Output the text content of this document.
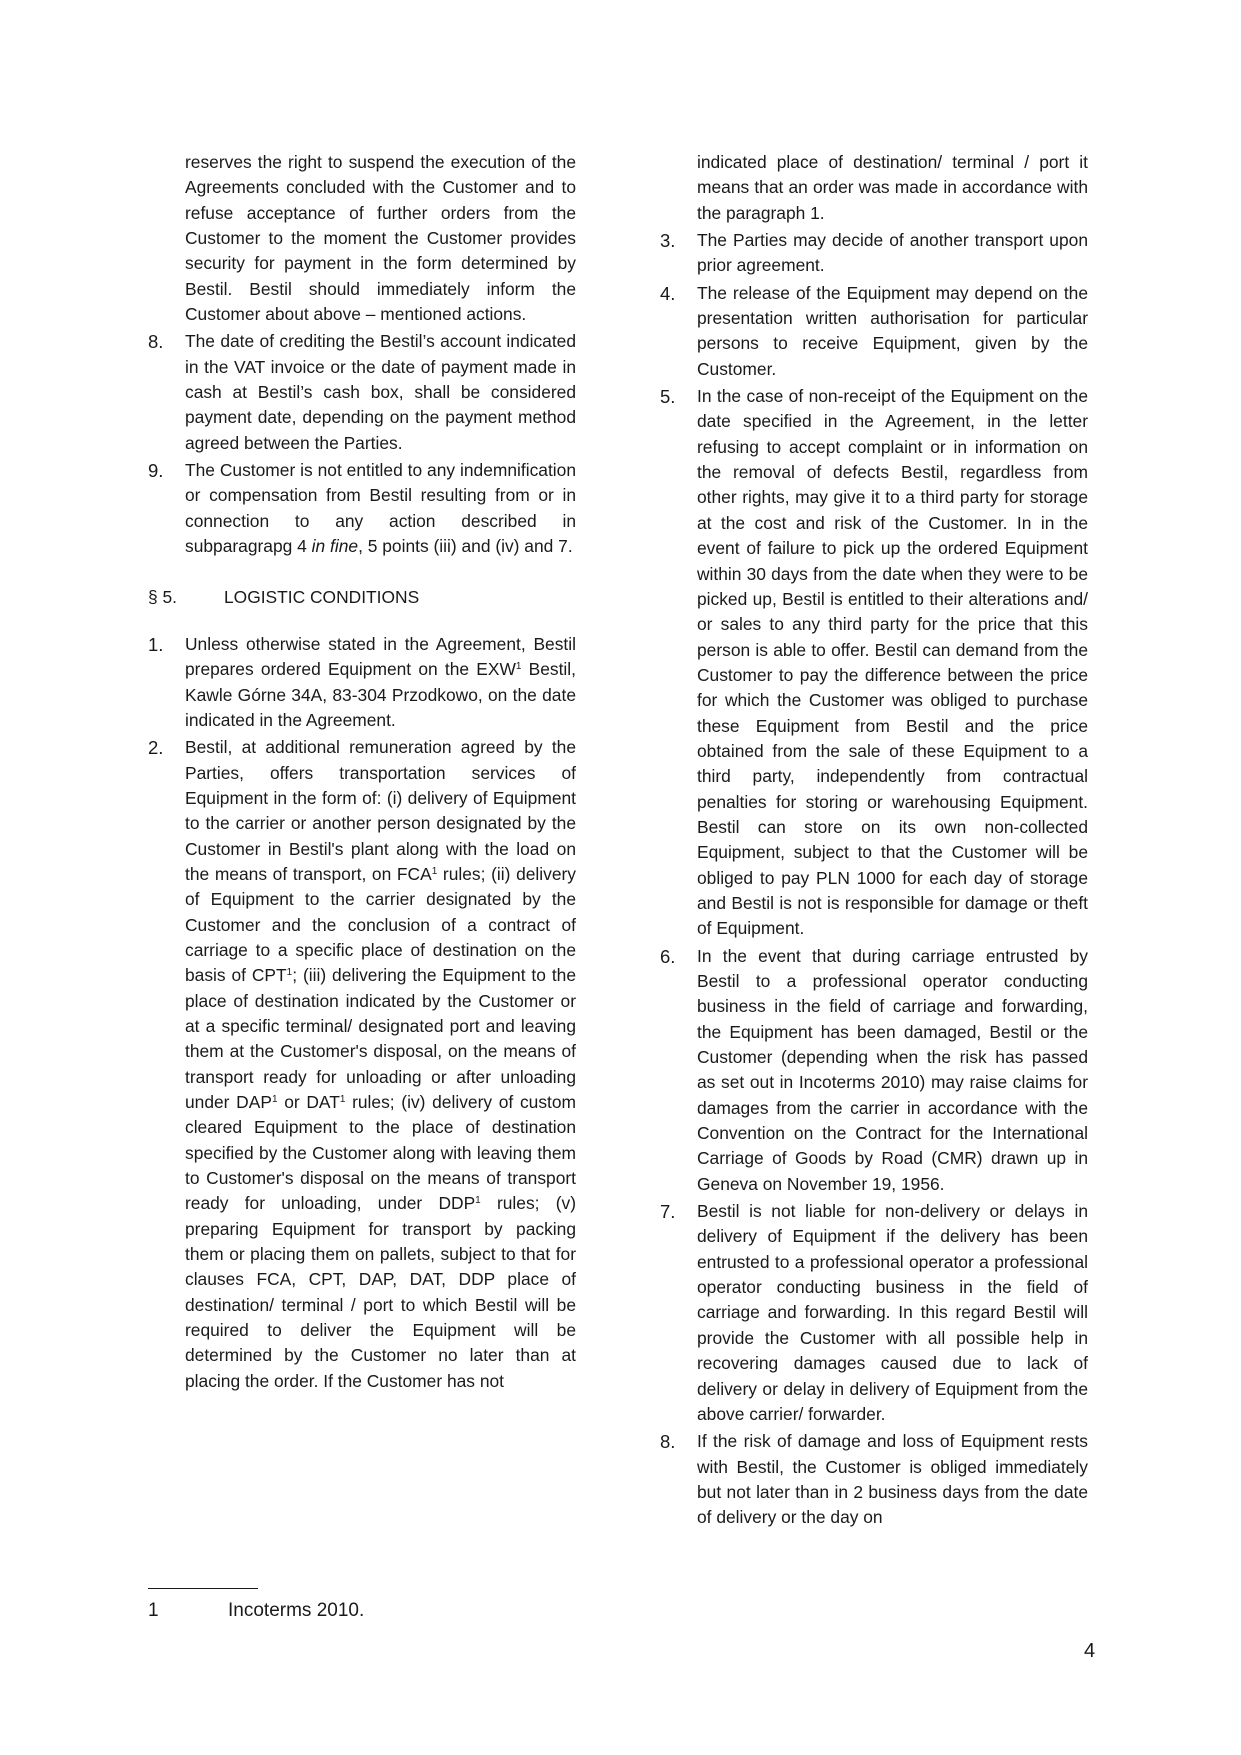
reserves the right to suspend the execution of the Agreements concluded with the Customer and to refuse acceptance of further orders from the Customer to the moment the Customer provides security for payment in the form determined by Bestil. Bestil should immediately inform the Customer about above – mentioned actions.

8. The date of crediting the Bestil’s account indicated in the VAT invoice or the date of payment made in cash at Bestil’s cash box, shall be considered payment date, depending on the payment method agreed between the Parties.
9. The Customer is not entitled to any indemnification or compensation from Bestil resulting from or in connection to any action described in subparagrapg 4 in fine, 5 points (iii) and (iv) and 7.
§ 5.	LOGISTIC CONDITIONS
1. Unless otherwise stated in the Agreement, Bestil prepares ordered Equipment on the EXW$^1$ Bestil, Kawle Górne 34A, 83-304 Przodkowo, on the date indicated in the Agreement.
2. Bestil, at additional remuneration agreed by the Parties, offers transportation services of Equipment in the form of: (i) delivery of Equipment to the carrier or another person designated by the Customer in Bestil's plant along with the load on the means of transport, on FCA$^1$ rules; (ii) delivery of Equipment to the carrier designated by the Customer and the conclusion of a contract of carriage to a specific place of destination on the basis of CPT$^1$; (iii) delivering the Equipment to the place of destination indicated by the Customer or at a specific terminal/ designated port and leaving them at the Customer's disposal, on the means of transport ready for unloading or after unloading under DAP$^1$ or DAT$^1$ rules; (iv) delivery of custom cleared Equipment to the place of destination specified by the Customer along with leaving them to Customer's disposal on the means of transport ready for unloading, under DDP$^1$ rules; (v) preparing Equipment for transport by packing them or placing them on pallets, subject to that for clauses FCA, CPT, DAP, DAT, DDP place of destination/ terminal / port to which Bestil will be required to deliver the Equipment will be determined by the Customer no later than at placing the order. If the Customer has not

indicated place of destination/ terminal / port it means that an order was made in accordance with the paragraph 1.

3. The Parties may decide of another transport upon prior agreement.
4. The release of the Equipment may depend on the presentation written authorisation for particular persons to receive Equipment, given by the Customer.
5. In the case of non-receipt of the Equipment on the date specified in the Agreement, in the letter refusing to accept complaint or in information on the removal of defects Bestil, regardless from other rights, may give it to a third party for storage at the cost and risk of the Customer. In in the event of failure to pick up the ordered Equipment within 30 days from the date when they were to be picked up, Bestil is entitled to their alterations and/ or sales to any third party for the price that this person is able to offer. Bestil can demand from the Customer to pay the difference between the price for which the Customer was obliged to purchase these Equipment from Bestil and the price obtained from the sale of these Equipment to a third party, independently from contractual penalties for storing or warehousing Equipment. Bestil can store on its own non-collected Equipment, subject to that the Customer will be obliged to pay PLN 1000 for each day of storage and Bestil is not is responsible for damage or theft of Equipment.
6. In the event that during carriage entrusted by Bestil to a professional operator conducting business in the field of carriage and forwarding, the Equipment has been damaged, Bestil or the Customer (depending when the risk has passed as set out in Incoterms 2010) may raise claims for damages from the carrier in accordance with the Convention on the Contract for the International Carriage of Goods by Road (CMR) drawn up in Geneva on November 19, 1956.
7. Bestil is not liable for non-delivery or delays in delivery of Equipment if the delivery has been entrusted to a professional operator a professional operator conducting business in the field of carriage and forwarding. In this regard Bestil will provide the Customer with all possible help in recovering damages caused due to lack of delivery or delay in delivery of Equipment from the above carrier/ forwarder.
8. If the risk of damage and loss of Equipment rests with Bestil, the Customer is obliged immediately but not later than in 2 business days from the date of delivery or the day on
1	Incoterms 2010.
4
